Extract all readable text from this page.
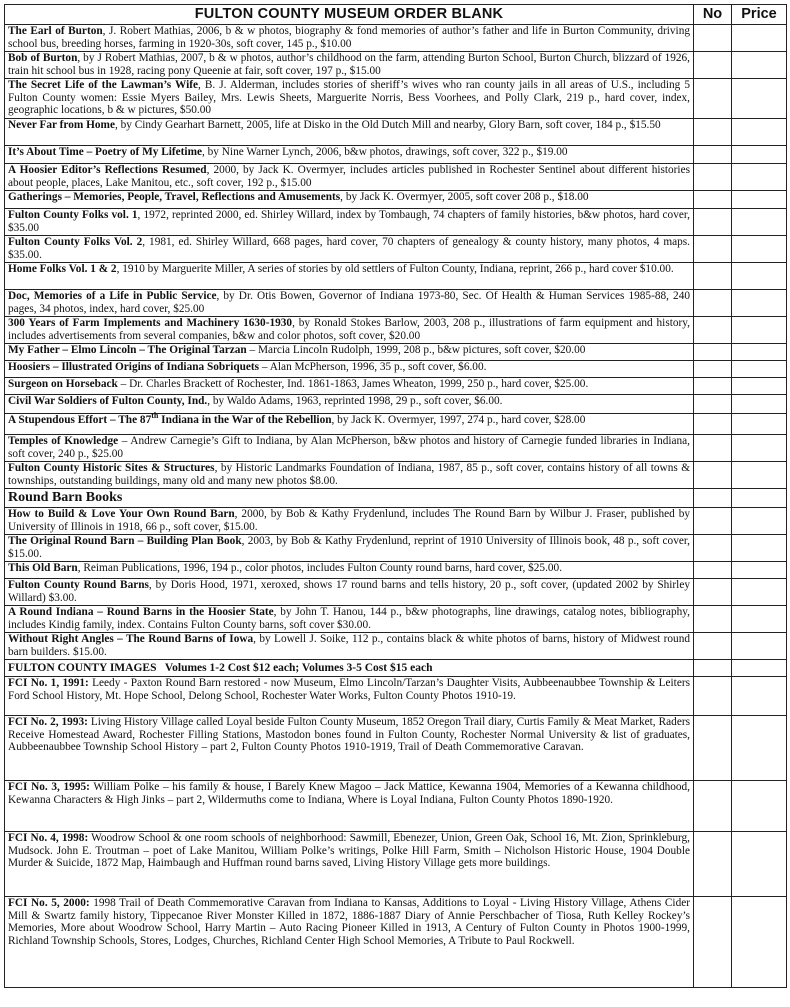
FULTON COUNTY MUSEUM ORDER BLANK	No	Price
The Earl of Burton, J. Robert Mathias, 2006, b & w photos, biography & fond memories of author’s father and life in Burton Community, driving school bus, breeding horses, farming in 1920-30s, soft cover, 145 p., $10.00		
Bob of Burton, by J Robert Mathias, 2007, b & w photos, author’s childhood on the farm, attending Burton School, Burton Church, blizzard of 1926, train hit school bus in 1928, racing pony Queenie at fair, soft cover, 197 p., $15.00		
The Secret Life of the Lawman’s Wife, B. J. Alderman, includes stories of sheriff’s wives who ran county jails in all areas of U.S., including 5 Fulton County women: Essie Myers Bailey, Mrs. Lewis Sheets, Marguerite Norris, Bess Voorhees, and Polly Clark, 219 p., hard cover, index, geographic locations, b & w pictures, $50.00		
Never Far from Home, by Cindy Gearhart Barnett, 2005, life at Disko in the Old Dutch Mill and nearby, Glory Barn, soft cover, 184 p., $15.50		
It’s About Time – Poetry of My Lifetime, by Nine Warner Lynch, 2006, b&w photos, drawings, soft cover, 322 p., $19.00		
A Hoosier Editor’s Reflections Resumed, 2000, by Jack K. Overmyer, includes articles published in Rochester Sentinel about different histories about people, places, Lake Manitou, etc., soft cover, 192 p., $15.00		
Gatherings – Memories, People, Travel, Reflections and Amusements, by Jack K. Overmyer, 2005, soft cover 208 p., $18.00		
Fulton County Folks vol. 1, 1972, reprinted 2000, ed. Shirley Willard, index by Tombaugh, 74 chapters of family histories, b&w photos, hard cover, $35.00		
Fulton County Folks Vol. 2, 1981, ed. Shirley Willard, 668 pages, hard cover, 70 chapters of genealogy & county history, many photos, 4 maps. $35.00.		
Home Folks Vol. 1 & 2, 1910 by Marguerite Miller, A series of stories by old settlers of Fulton County, Indiana, reprint, 266 p., hard cover $10.00.		
Doc, Memories of a Life in Public Service, by Dr. Otis Bowen, Governor of Indiana 1973-80, Sec. Of Health & Human Services 1985-88, 240 pages, 34 photos, index, hard cover, $25.00		
300 Years of Farm Implements and Machinery 1630-1930, by Ronald Stokes Barlow, 2003, 208 p., illustrations of farm equipment and history, includes advertisements from several companies, b&w and color photos, soft cover, $20.00		
My Father – Elmo Lincoln – The Original Tarzan – Marcia Lincoln Rudolph, 1999, 208 p., b&w pictures, soft cover, $20.00		
Hoosiers – Illustrated Origins of Indiana Sobriquets – Alan McPherson, 1996, 35 p., soft cover, $6.00.		
Surgeon on Horseback – Dr. Charles Brackett of Rochester, Ind. 1861-1863, James Wheaton, 1999, 250 p., hard cover, $25.00.		
Civil War Soldiers of Fulton County, Ind., by Waldo Adams, 1963, reprinted 1998, 29 p., soft cover, $6.00.		
A Stupendous Effort – The 87th Indiana in the War of the Rebellion, by Jack K. Overmyer, 1997, 274 p., hard cover, $28.00		
Temples of Knowledge – Andrew Carnegie’s Gift to Indiana, by Alan McPherson, b&w photos and history of Carnegie funded libraries in Indiana, soft cover, 240 p., $25.00		
Fulton County Historic Sites & Structures, by Historic Landmarks Foundation of Indiana, 1987, 85 p., soft cover, contains history of all towns & townships, outstanding buildings, many old and many new photos $8.00.		
Round Barn Books		
How to Build & Love Your Own Round Barn, 2000, by Bob & Kathy Frydenlund, includes The Round Barn by Wilbur J. Fraser, published by University of Illinois in 1918, 66 p., soft cover, $15.00.		
The Original Round Barn – Building Plan Book, 2003, by Bob & Kathy Frydenlund, reprint of 1910 University of Illinois book, 48 p., soft cover, $15.00.		
This Old Barn, Reiman Publications, 1996, 194 p., color photos, includes Fulton County round barns, hard cover, $25.00.		
Fulton County Round Barns, by Doris Hood, 1971, xeroxed, shows 17 round barns and tells history, 20 p., soft cover, (updated 2002 by Shirley Willard) $3.00.		
A Round Indiana – Round Barns in the Hoosier State, by John T. Hanou, 144 p., b&w photographs, line drawings, catalog notes, bibliography, includes Kindig family, index. Contains Fulton County barns, soft cover $30.00.		
Without Right Angles – The Round Barns of Iowa, by Lowell J. Soike, 112 p., contains black & white photos of barns, history of Midwest round barn builders. $15.00.		
FULTON COUNTY IMAGES   Volumes 1-2 Cost $12 each; Volumes 3-5 Cost $15 each		
FCI No. 1, 1991: Leedy - Paxton Round Barn restored - now Museum, Elmo Lincoln/Tarzan’s Daughter Visits, Aubbeenaubbee Township & Leiters Ford School History, Mt. Hope School, Delong School, Rochester Water Works, Fulton County Photos 1910-19.		
FCI No. 2, 1993: Living History Village called Loyal beside Fulton County Museum, 1852 Oregon Trail diary, Curtis Family & Meat Market, Raders Receive Homestead Award, Rochester Filling Stations, Mastodon bones found in Fulton County, Rochester Normal University & list of graduates, Aubbeenaubbee Township School History – part 2, Fulton County Photos 1910-1919, Trail of Death Commemorative Caravan.		
FCI No. 3, 1995: William Polke – his family & house, I Barely Knew Magoo – Jack Mattice, Kewanna 1904, Memories of a Kewanna childhood, Kewanna Characters & High Jinks – part 2, Wildermuths come to Indiana, Where is Loyal Indiana, Fulton County Photos 1890-1920.		
FCI No. 4, 1998: Woodrow School & one room schools of neighborhood: Sawmill, Ebenezer, Union, Green Oak, School 16, Mt. Zion, Sprinkleburg, Mudsock. John E. Troutman – poet of Lake Manitou, William Polke’s writings, Polke Hill Farm, Smith – Nicholson Historic House, 1904 Double Murder & Suicide, 1872 Map, Haimbaugh and Huffman round barns saved, Living History Village gets more buildings.		
FCI No. 5, 2000: 1998 Trail of Death Commemorative Caravan from Indiana to Kansas, Additions to Loyal - Living History Village, Athens Cider Mill & Swartz family history, Tippecanoe River Monster Killed in 1872, 1886-1887 Diary of Annie Perschbacher of Tiosa, Ruth Kelley Rockey’s Memories, More about Woodrow School, Harry Martin – Auto Racing Pioneer Killed in 1913, A Century of Fulton County in Photos 1900-1999, Richland Township Schools, Stores, Lodges, Churches, Richland Center High School Memories, A Tribute to Paul Rockwell.		
